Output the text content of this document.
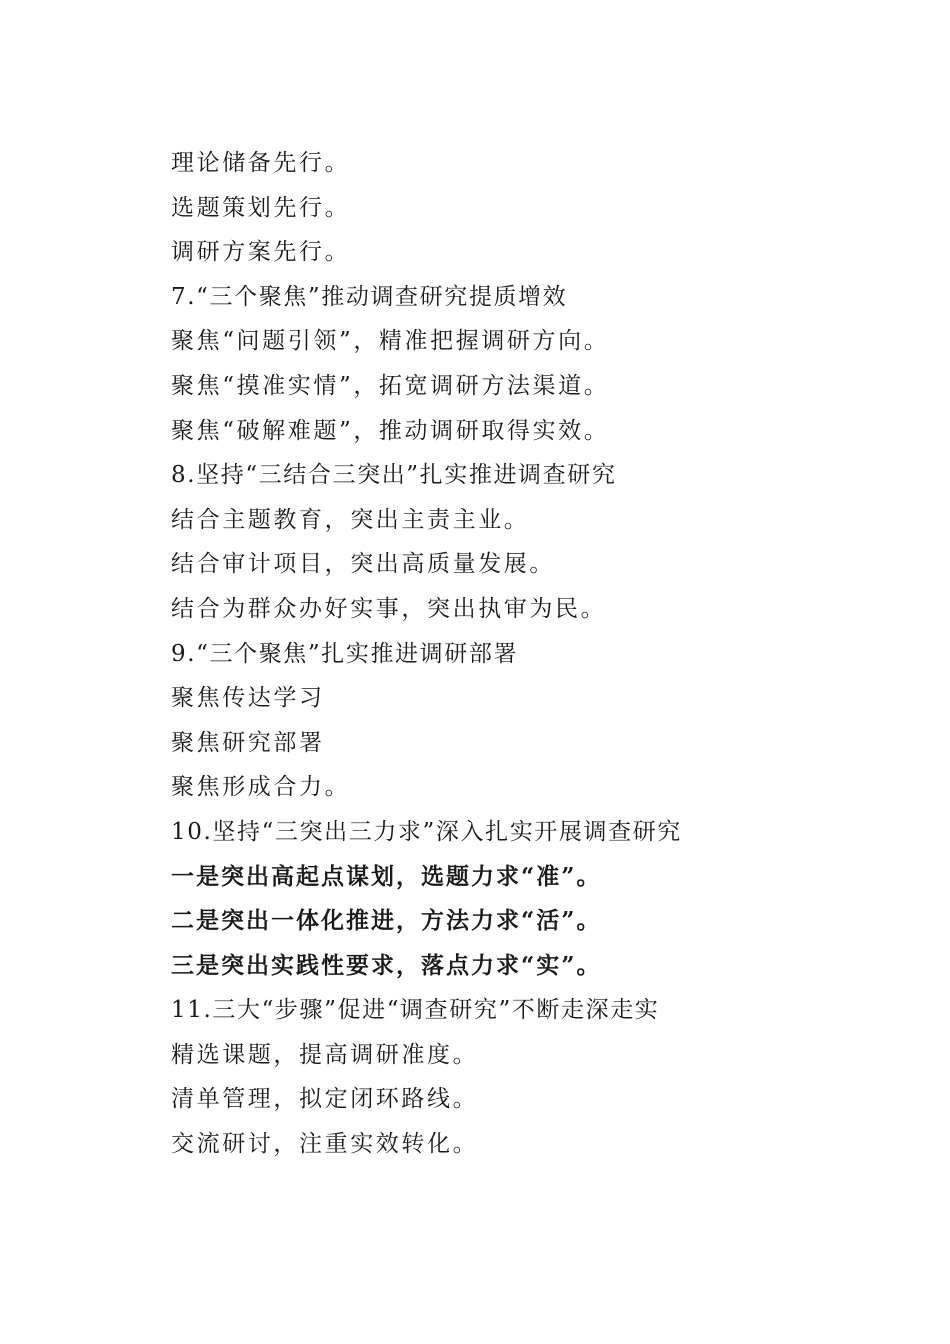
理论储备先行。
选题策划先行。
调研方案先行。
7.“三个聚焦”推动调查研究提质增效
聚焦“问题引领”，精准把握调研方向。
聚焦“摸准实情”，拓宽调研方法渠道。
聚焦“破解难题”，推动调研取得实效。
8.坚持“三结合三突出”扎实推进调查研究
结合主题教育，突出主责主业。
结合审计项目，突出高质量发展。
结合为群众办好实事，突出执审为民。
9.“三个聚焦”扎实推进调研部署
聚焦传达学习
聚焦研究部署
聚焦形成合力。
10.坚持“三突出三力求”深入扎实开展调查研究
一是突出高起点谋划，选题力求“准”。
二是突出一体化推进，方法力求“活”。
三是突出实践性要求，落点力求“实”。
11.三大“步骤”促进“调查研究”不断走深走实
精选课题，提高调研准度。
清单管理，拟定闭环路线。
交流研讨，注重实效转化。
